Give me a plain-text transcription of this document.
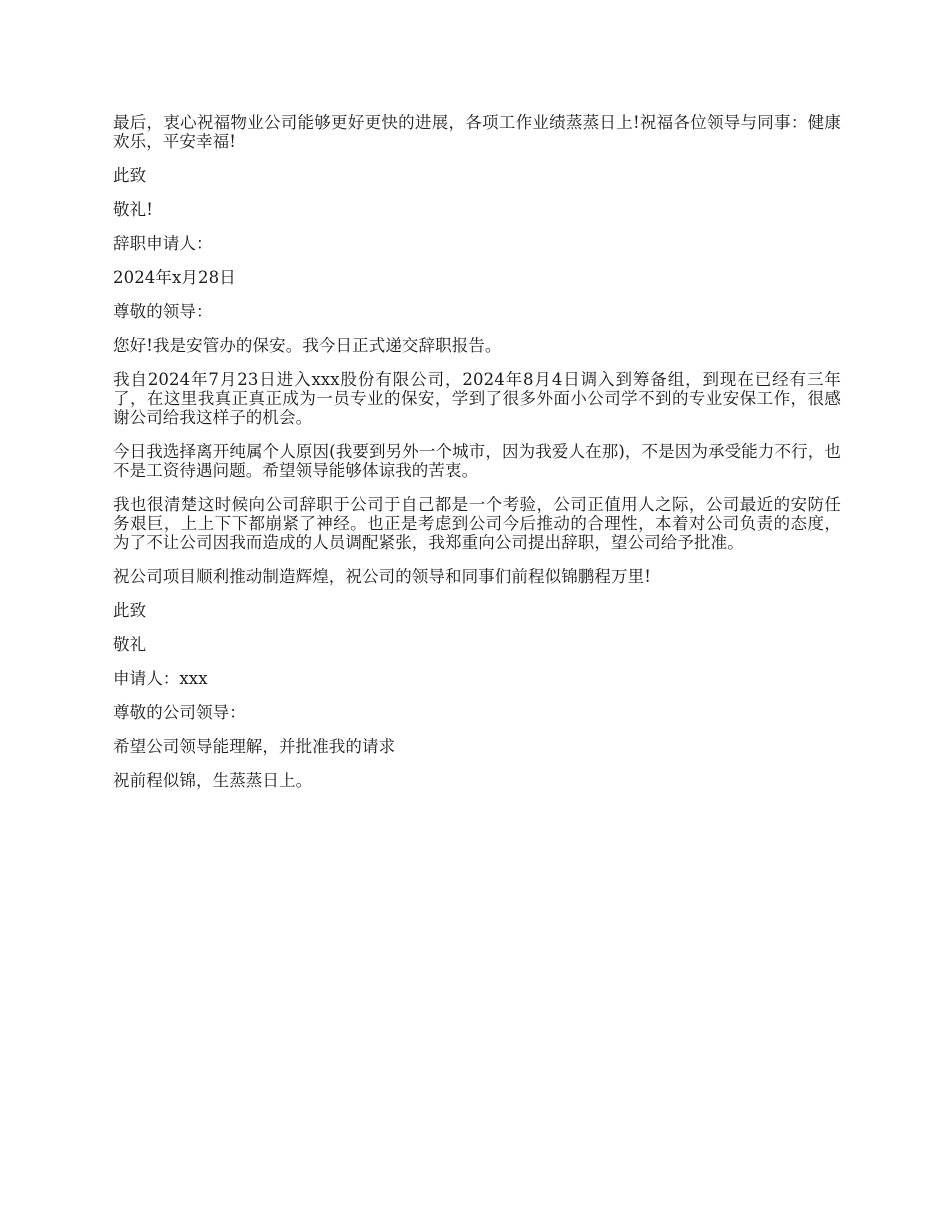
最后，衷心祝福物业公司能够更好更快的进展，各项工作业绩蒸蒸日上!祝福各位领导与同事：健康欢乐，平安幸福!

此致

敬礼!

辞职申请人：

2024年x月28日

尊敬的领导：

您好!我是安管办的保安。我今日正式递交辞职报告。

我自2024年7月23日进入xxx股份有限公司，2024年8月4日调入到筹备组，到现在已经有三年了，在这里我真正真正成为一员专业的保安，学到了很多外面小公司学不到的专业安保工作，很感谢公司给我这样子的机会。

今日我选择离开纯属个人原因(我要到另外一个城市，因为我爱人在那)，不是因为承受能力不行，也不是工资待遇问题。希望领导能够体谅我的苦衷。

我也很清楚这时候向公司辞职于公司于自己都是一个考验，公司正值用人之际，公司最近的安防任务艰巨，上上下下都崩紧了神经。也正是考虑到公司今后推动的合理性，本着对公司负责的态度，为了不让公司因我而造成的人员调配紧张，我郑重向公司提出辞职，望公司给予批准。

祝公司项目顺利推动制造辉煌，祝公司的领导和同事们前程似锦鹏程万里!

此致

敬礼

申请人：xxx

尊敬的公司领导：

希望公司领导能理解，并批准我的请求

祝前程似锦，生蒸蒸日上。
